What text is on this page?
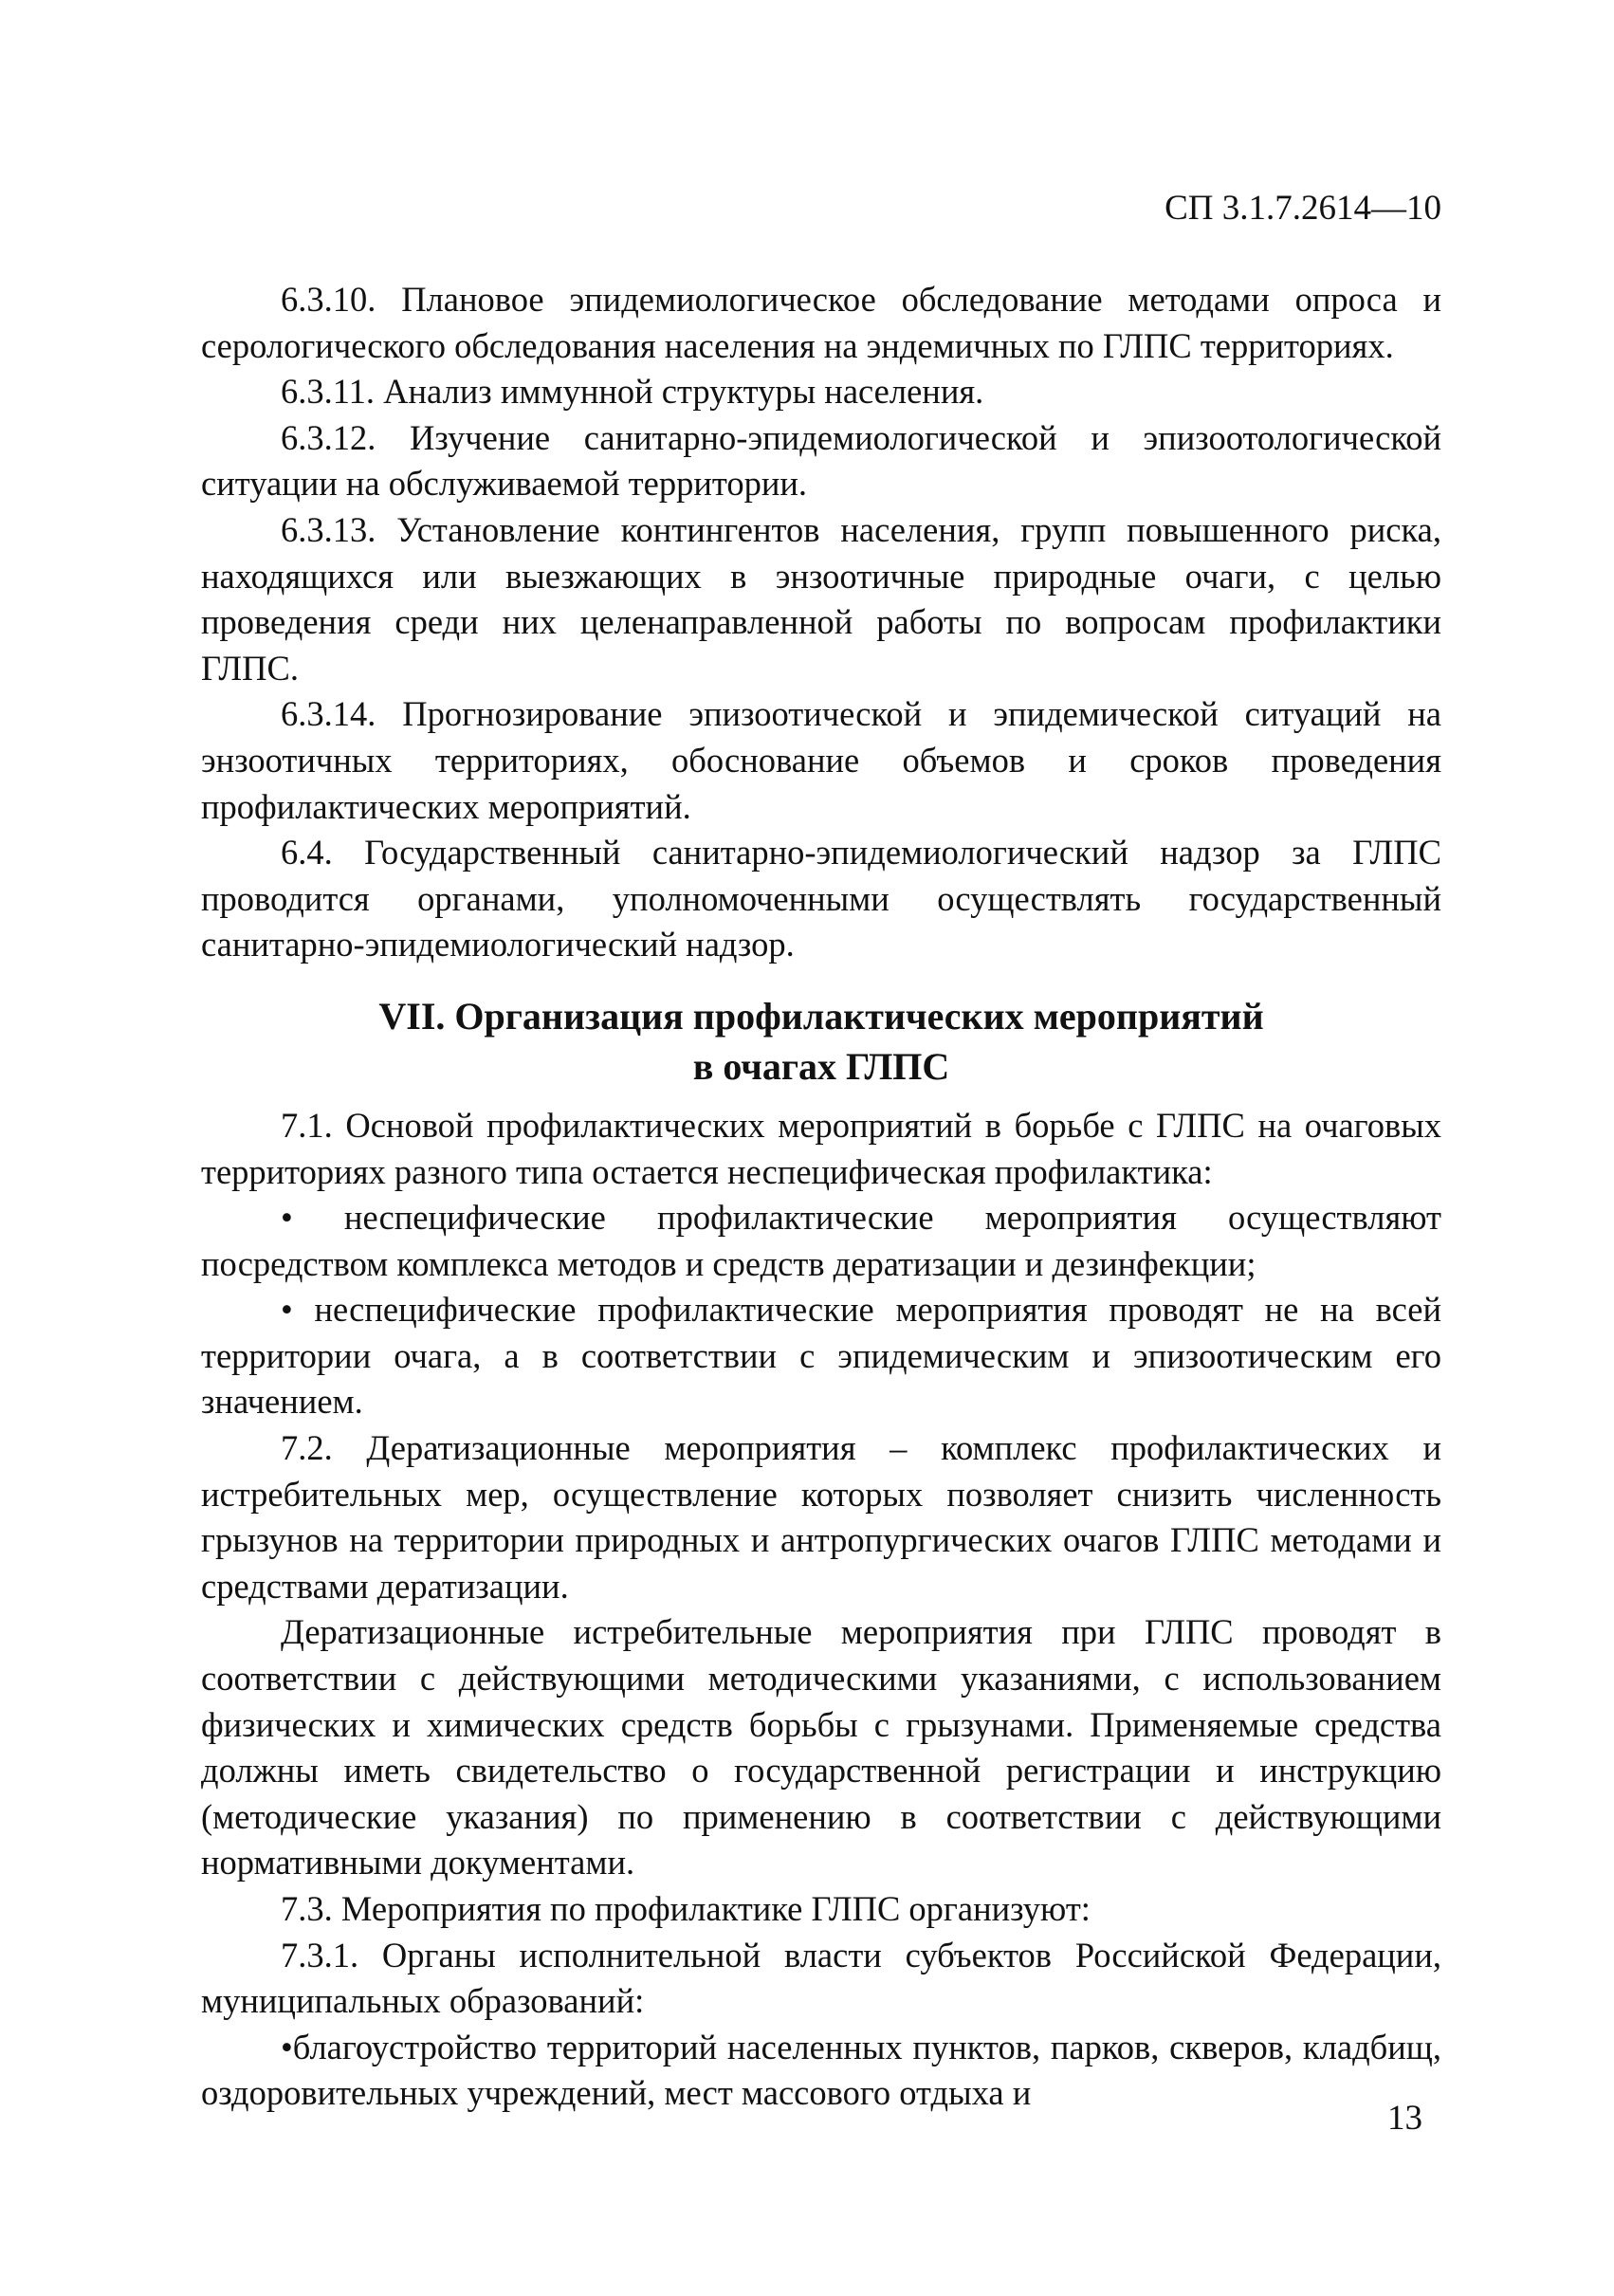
СП 3.1.7.2614—10

6.3.10. Плановое эпидемиологическое обследование методами опроса и серологического обследования населения на эндемичных по ГЛПС территориях.

6.3.11. Анализ иммунной структуры населения.

6.3.12. Изучение санитарно-эпидемиологической и эпизоотологической ситуации на обслуживаемой территории.

6.3.13. Установление контингентов населения, групп повышенного риска, находящихся или выезжающих в энзоотичные природные очаги, с целью проведения среди них целенаправленной работы по вопросам профилактики ГЛПС.

6.3.14. Прогнозирование эпизоотической и эпидемической ситуаций на энзоотичных территориях, обоснование объемов и сроков проведения профилактических мероприятий.

6.4. Государственный санитарно-эпидемиологический надзор за ГЛПС проводится органами, уполномоченными осуществлять государственный санитарно-эпидемиологический надзор.

VII. Организация профилактических мероприятий
в очагах ГЛПС

7.1. Основой профилактических мероприятий в борьбе с ГЛПС на очаговых территориях разного типа остается неспецифическая профилактика:

• неспецифические профилактические мероприятия осуществляют посредством комплекса методов и средств дератизации и дезинфекции;

• неспецифические профилактические мероприятия проводят не на всей территории очага, а в соответствии с эпидемическим и эпизоотическим его значением.

7.2. Дератизационные мероприятия – комплекс профилактических и истребительных мер, осуществление которых позволяет снизить численность грызунов на территории природных и антропургических очагов ГЛПС методами и средствами дератизации.

Дератизационные истребительные мероприятия при ГЛПС проводят в соответствии с действующими методическими указаниями, с использованием физических и химических средств борьбы с грызунами. Применяемые средства должны иметь свидетельство о государственной регистрации и инструкцию (методические указания) по применению в соответствии с действующими нормативными документами.

7.3. Мероприятия по профилактике ГЛПС организуют:

7.3.1. Органы исполнительной власти субъектов Российской Федерации, муниципальных образований:

•благоустройство территорий населенных пунктов, парков, скверов, кладбищ, оздоровительных учреждений, мест массового отдыха и

13
